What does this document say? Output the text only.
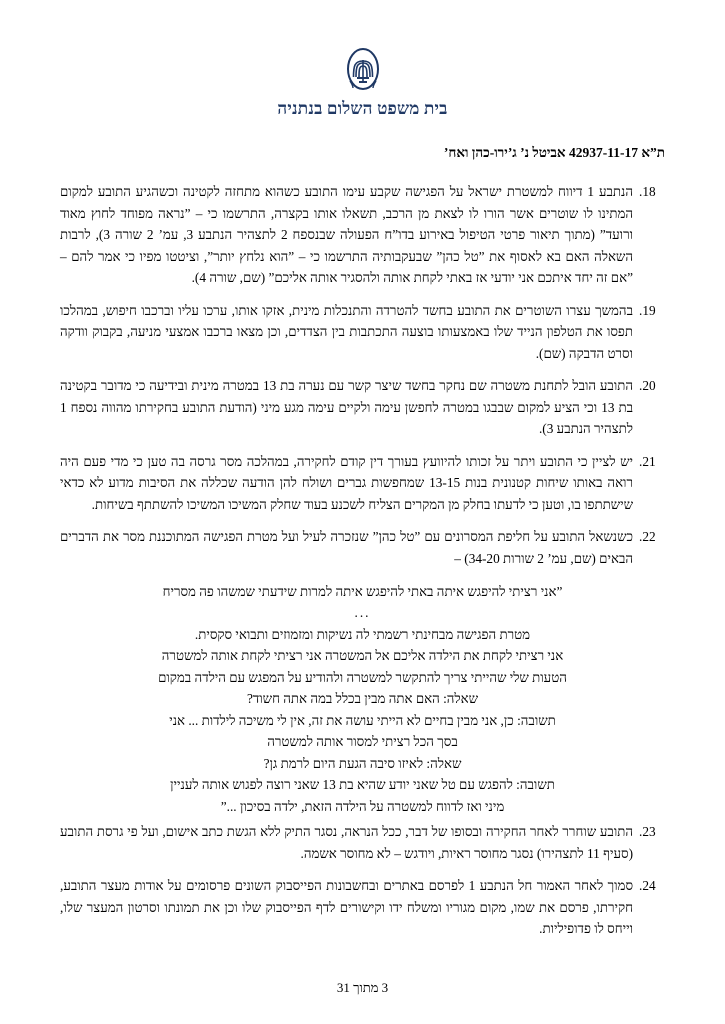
בית משפט השלום בנתניה
ת”א 42937-11-17 אביטל נ’ ג’ירו-כהן ואח’
18.
הנתבע 1 דיווח למשטרת ישראל על הפגישה שקבע עימו התובע כשהוא מתחזה לקטינה וכשהגיע התובע למקום המתינו לו שוטרים אשר הורו לו לצאת מן הרכב, תשאלו אותו בקצרה, התרשמו כי – ”נראה מפוחד לחוץ מאוד ורועד” (מתוך תיאור פרטי הטיפול באירוע בדו”ח הפעולה שבנספח 2 לתצהיר הנתבע 3, עמ’ 2 שורה 3), לרבות השאלה האם בא לאסוף את ”טל כהן” שבעקבותיה התרשמו כי – ”הוא נלחץ יותר”, וציטטו מפיו כי אמר להם – ”אם זה יחד איתכם אני יודעי אז באתי לקחת אותה ולהסגיר אותה אליכם” (שם, שורה 4).
19.
בהמשך עצרו השוטרים את התובע בחשד להטרדה והתנכלות מינית, אזקו אותו, ערכו עליו וברכבו חיפוש, במהלכו תפסו את הטלפון הנייד שלו באמצעותו בוצעה התכתבות בין הצדדים, וכן מצאו ברכבו אמצעי מניעה, בקבוק וודקה וסרט הדבקה (שם).
20.
התובע הובל לתחנת משטרה שם נחקר בחשד שיצר קשר עם נערה בת 13 במטרה מינית ובידיעה כי מדובר בקטינה בת 13 וכי הציע למקום שבבגו במטרה לחפשן עימה ולקיים עימה מגע מיני (הודעת התובע בחקירתו מהווה נספח 1 לתצהיר הנתבע 3).
21.
יש לציין כי התובע ויתר על זכותו להיוועץ בעורך דין קודם לחקירה, במהלכה מסר גרסה בה טען כי מדי פעם היה רואה באותו שיחות קטנונית בנות 13-15 שמחפשות גברים ושולח להן הודעה שכללה את הסיבות מדוע לא כדאי שישתתפו בו, וטען כי לדעתו בחלק מן המקרים הצליח לשכנע בעוד שחלק המשיכו המשיכו להשתתף בשיחות.
22.
כשנשאל התובע על חליפת המסרונים עם ”טל כהן” שנזכרה לעיל ועל מטרת הפגישה המתוכננת מסר את הדברים הבאים (שם, עמ’ 2 שורות 34-20) –
”אני רציתי להיפגש איתה באתי להיפגש איתה למרות שידעתי שמשהו פה מסריח
...
מטרת הפגישה מבחינתי רשמתי לה נשיקות ומזמוזים ותבואי סקסית.
אני רציתי לקחת את הילדה אליכם אל המשטרה אני רציתי לקחת אותה למשטרה
הטעות שלי שהייתי צריך להתקשר למשטרה ולהודיע על המפגש עם הילדה במקום
שאלה: האם אתה מבין בכלל במה אתה חשוד?
תשובה: כן, אני מבין בחיים לא הייתי עושה את זה, אין לי משיכה לילדות ... אני
בסך הכל רציתי למסור אותה למשטרה
שאלה: לאיזו סיבה הגעת היום לרמת גן?
תשובה: להפגש עם טל שאני יודע שהיא בת 13 שאני רוצה לפגוש אותה לעניין
מיני ואז לדווח למשטרה על הילדה הזאת, ילדה בסיכון ...”
23.
התובע שוחרר לאחר החקירה ובסופו של דבר, ככל הנראה, נסגר התיק ללא הגשת כתב אישום, ועל פי גרסת התובע (סעיף 11 לתצהירו) נסגר מחוסר ראיות, ויודגש – לא מחוסר אשמה.
24.
סמוך לאחר האמור חל הנתבע 1 לפרסם באתרים ובחשבונות הפייסבוק השונים פרסומים על אודות מעצר התובע, חקירתו, פרסם את שמו, מקום מגוריו ומשלח ידו וקישורים לדף הפייסבוק שלו וכן את תמונתו וסרטון המעצר שלו, וייחס לו פדופיליות.
3 מתוך 31
